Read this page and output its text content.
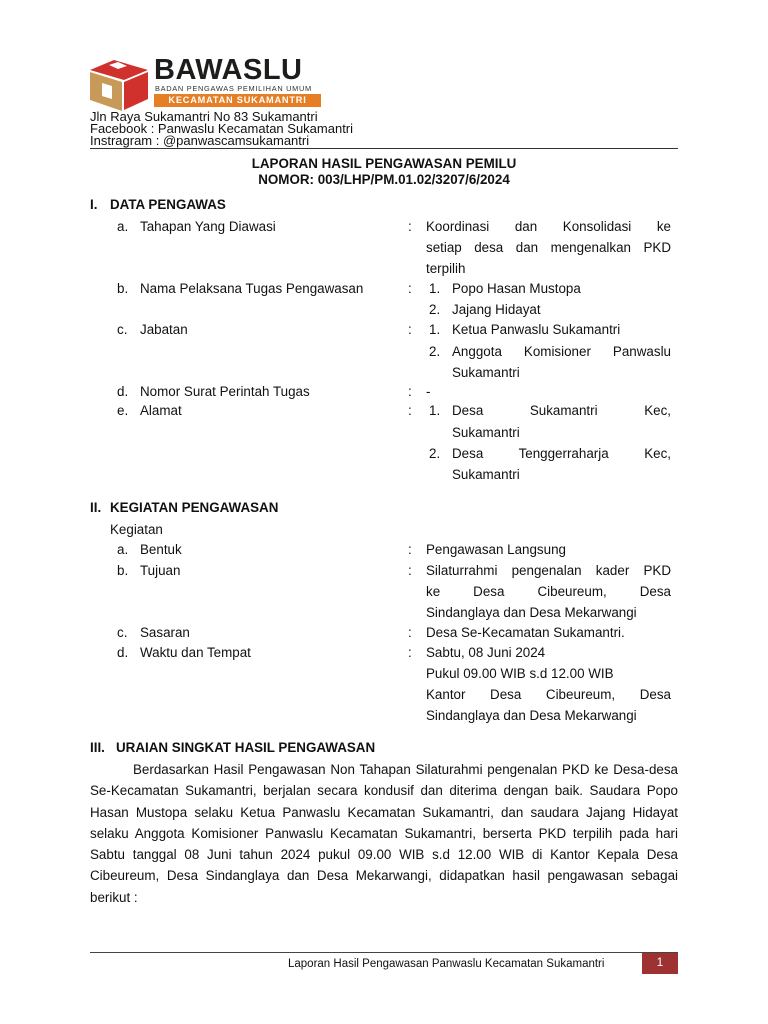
BAWASLU
BADAN PENGAWAS PEMILIHAN UMUM
KECAMATAN SUKAMANTRI
Jln Raya Sukamantri No 83 Sukamantri
Facebook : Panwaslu Kecamatan Sukamantri
Instragram : @panwascamsukamantri
LAPORAN HASIL PENGAWASAN PEMILU
NOMOR: 003/LHP/PM.01.02/3207/6/2024
I. DATA PENGAWAS
a. Tahapan Yang Diawasi	: Koordinasi dan Konsolidasi ke
setiap desa dan mengenalkan PKD
terpilih
b. Nama Pelaksana Tugas Pengawasan	: 1. Popo Hasan Mustopa
2. Jajang Hidayat
c. Jabatan	: 1. Ketua Panwaslu Sukamantri
2. Anggota Komisioner Panwaslu
Sukamantri
d. Nomor Surat Perintah Tugas	: -
e. Alamat	: 1. Desa Sukamantri Kec,
Sukamantri
2. Desa Tenggerraharja Kec,
Sukamantri
II. KEGIATAN PENGAWASAN
Kegiatan
a. Bentuk	: Pengawasan Langsung
b. Tujuan	: Silaturrahmi pengenalan kader PKD
ke Desa Cibeureum, Desa
Sindanglaya dan Desa Mekarwangi
c. Sasaran	: Desa Se-Kecamatan Sukamantri.
d. Waktu dan Tempat	: Sabtu, 08 Juni 2024
Pukul 09.00 WIB s.d 12.00 WIB
Kantor Desa Cibeureum, Desa
Sindanglaya dan Desa Mekarwangi
III. URAIAN SINGKAT HASIL PENGAWASAN
Berdasarkan Hasil Pengawasan Non Tahapan Silaturahmi pengenalan PKD ke Desa-desa Se-Kecamatan Sukamantri, berjalan secara kondusif dan diterima dengan baik. Saudara Popo Hasan Mustopa selaku Ketua Panwaslu Kecamatan Sukamantri, dan saudara Jajang Hidayat selaku Anggota Komisioner Panwaslu Kecamatan Sukamantri, berserta PKD terpilih pada hari Sabtu tanggal 08 Juni tahun 2024 pukul 09.00 WIB s.d 12.00 WIB di Kantor Kepala Desa Cibeureum, Desa Sindanglaya dan Desa Mekarwangi, didapatkan hasil pengawasan sebagai berikut :
Laporan Hasil Pengawasan Panwaslu Kecamatan Sukamantri	1
